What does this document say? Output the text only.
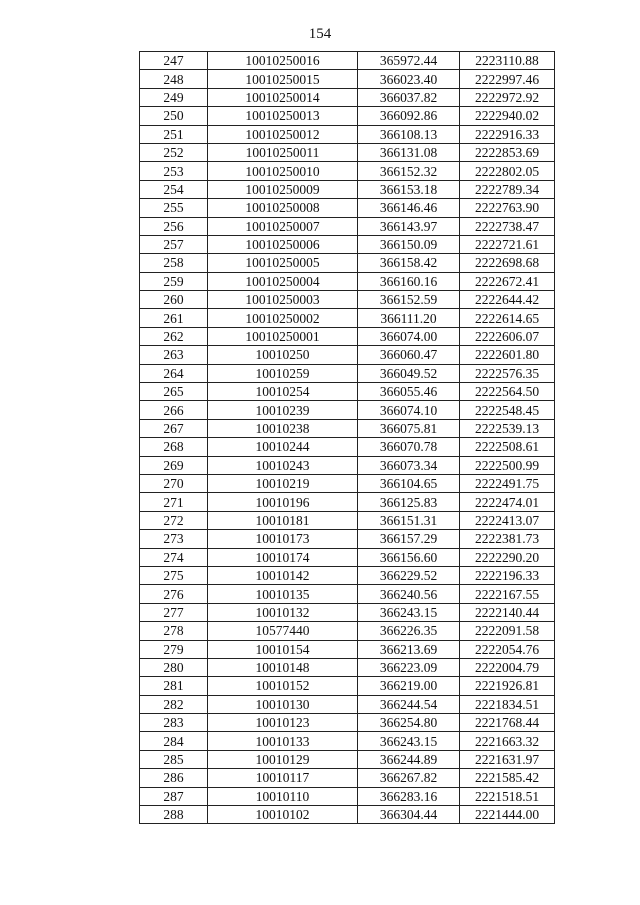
154
247	10010250016	365972.44	2223110.88
248	10010250015	366023.40	2222997.46
249	10010250014	366037.82	2222972.92
250	10010250013	366092.86	2222940.02
251	10010250012	366108.13	2222916.33
252	10010250011	366131.08	2222853.69
253	10010250010	366152.32	2222802.05
254	10010250009	366153.18	2222789.34
255	10010250008	366146.46	2222763.90
256	10010250007	366143.97	2222738.47
257	10010250006	366150.09	2222721.61
258	10010250005	366158.42	2222698.68
259	10010250004	366160.16	2222672.41
260	10010250003	366152.59	2222644.42
261	10010250002	366111.20	2222614.65
262	10010250001	366074.00	2222606.07
263	10010250	366060.47	2222601.80
264	10010259	366049.52	2222576.35
265	10010254	366055.46	2222564.50
266	10010239	366074.10	2222548.45
267	10010238	366075.81	2222539.13
268	10010244	366070.78	2222508.61
269	10010243	366073.34	2222500.99
270	10010219	366104.65	2222491.75
271	10010196	366125.83	2222474.01
272	10010181	366151.31	2222413.07
273	10010173	366157.29	2222381.73
274	10010174	366156.60	2222290.20
275	10010142	366229.52	2222196.33
276	10010135	366240.56	2222167.55
277	10010132	366243.15	2222140.44
278	10577440	366226.35	2222091.58
279	10010154	366213.69	2222054.76
280	10010148	366223.09	2222004.79
281	10010152	366219.00	2221926.81
282	10010130	366244.54	2221834.51
283	10010123	366254.80	2221768.44
284	10010133	366243.15	2221663.32
285	10010129	366244.89	2221631.97
286	10010117	366267.82	2221585.42
287	10010110	366283.16	2221518.51
288	10010102	366304.44	2221444.00
